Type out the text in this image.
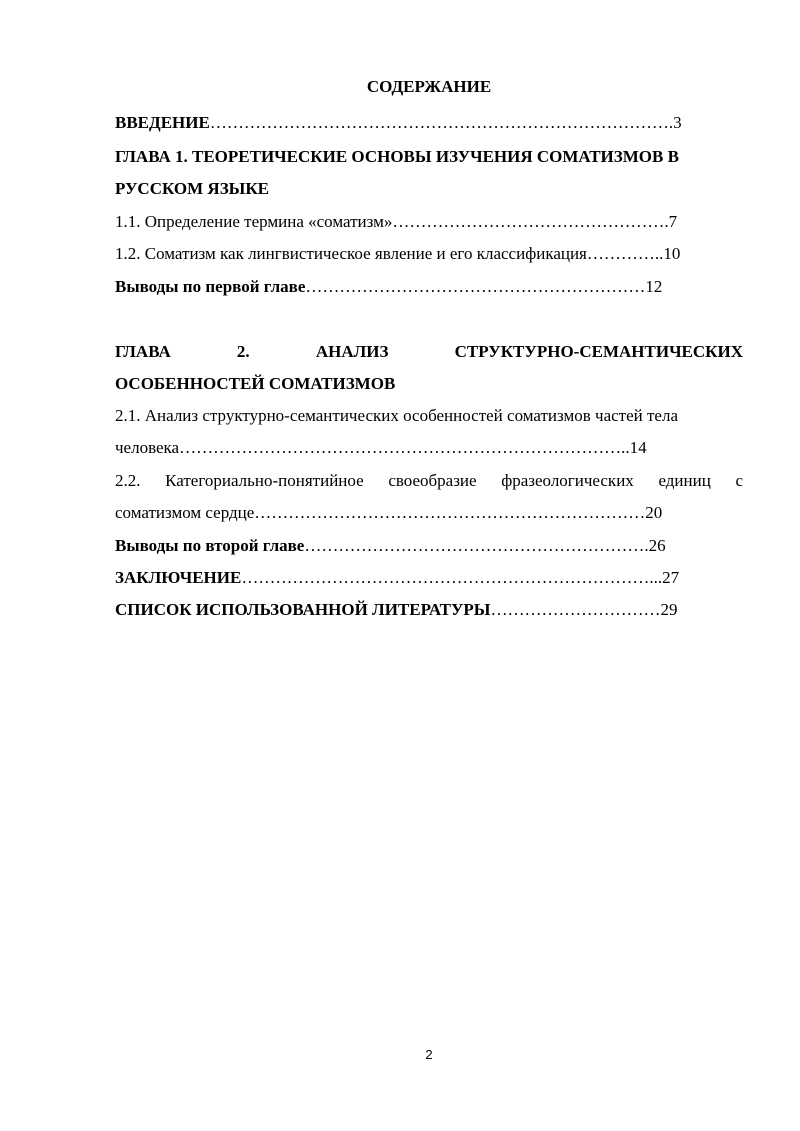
СОДЕРЖАНИЕ
ВВЕДЕНИЕ……………………………………………………………………….3
ГЛАВА 1. ТЕОРЕТИЧЕСКИЕ ОСНОВЫ ИЗУЧЕНИЯ СОМАТИЗМОВ В
РУССКОМ ЯЗЫКЕ
1.1. Определение термина «соматизм»………………………………………….7
1.2. Соматизм как лингвистическое явление и его классификация…………..10
Выводы по первой главе……………………………………………………12
ГЛАВА	2.	АНАЛИЗ	СТРУКТУРНО-СЕМАНТИЧЕСКИХ
ОСОБЕННОСТЕЙ СОМАТИЗМОВ
2.1. Анализ структурно-семантических особенностей соматизмов частей тела
человека……………………………………………………………………..14
2.2. Категориально-понятийное своеобразие фразеологических единиц с
соматизмом сердце……………………………………………………………20
Выводы по второй главе…………………………………………………….26
ЗАКЛЮЧЕНИЕ………………………………………………………………...27
СПИСОК ИСПОЛЬЗОВАННОЙ ЛИТЕРАТУРЫ…………………………29
2
